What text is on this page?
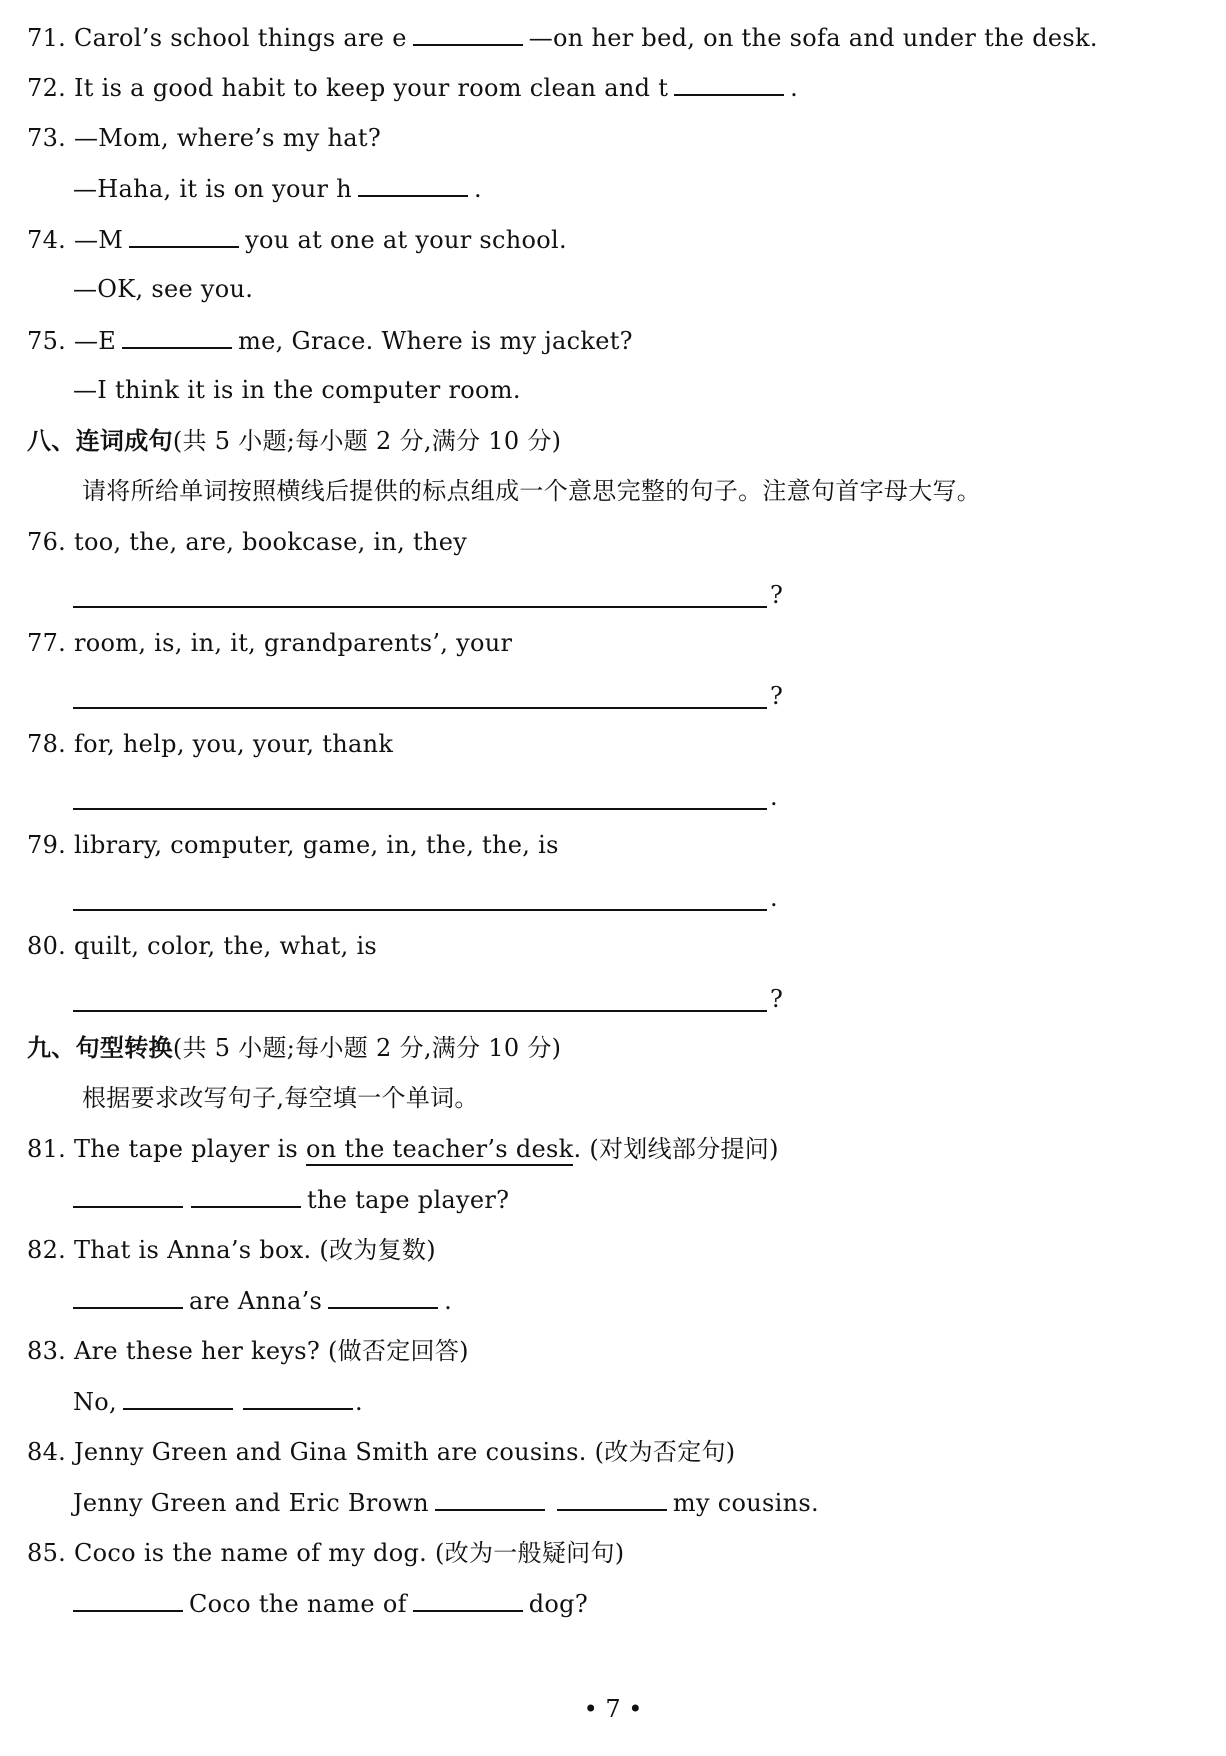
71. Carol’s school things are e	—on her bed, on the sofa and under the desk.
72. It is a good habit to keep your room clean and t	.
73. —Mom, where’s my hat?
—Haha, it is on your h	.
74. —M	you at one at your school.
—OK, see you.
75. —E	me, Grace. Where is my jacket?
—I think it is in the computer room.
八、连词成句(共 5 小题;每小题 2 分,满分 10 分)
请将所给单词按照横线后提供的标点组成一个意思完整的句子。注意句首字母大写。
76. too, the, are, bookcase, in, they
?
77. room, is, in, it, grandparents’, your
?
78. for, help, you, your, thank
.
79. library, computer, game, in, the, the, is
.
80. quilt, color, the, what, is
?
九、句型转换(共 5 小题;每小题 2 分,满分 10 分)
根据要求改写句子,每空填一个单词。
81. The tape player is on the teacher’s desk. (对划线部分提问)
the tape player?
82. That is Anna’s box. (改为复数)
are Anna’s	.
83. Are these her keys? (做否定回答)
No,	.
84. Jenny Green and Gina Smith are cousins. (改为否定句)
Jenny Green and Eric Brown	my cousins.
85. Coco is the name of my dog. (改为一般疑问句)
Coco the name of	dog?
• 7 •
